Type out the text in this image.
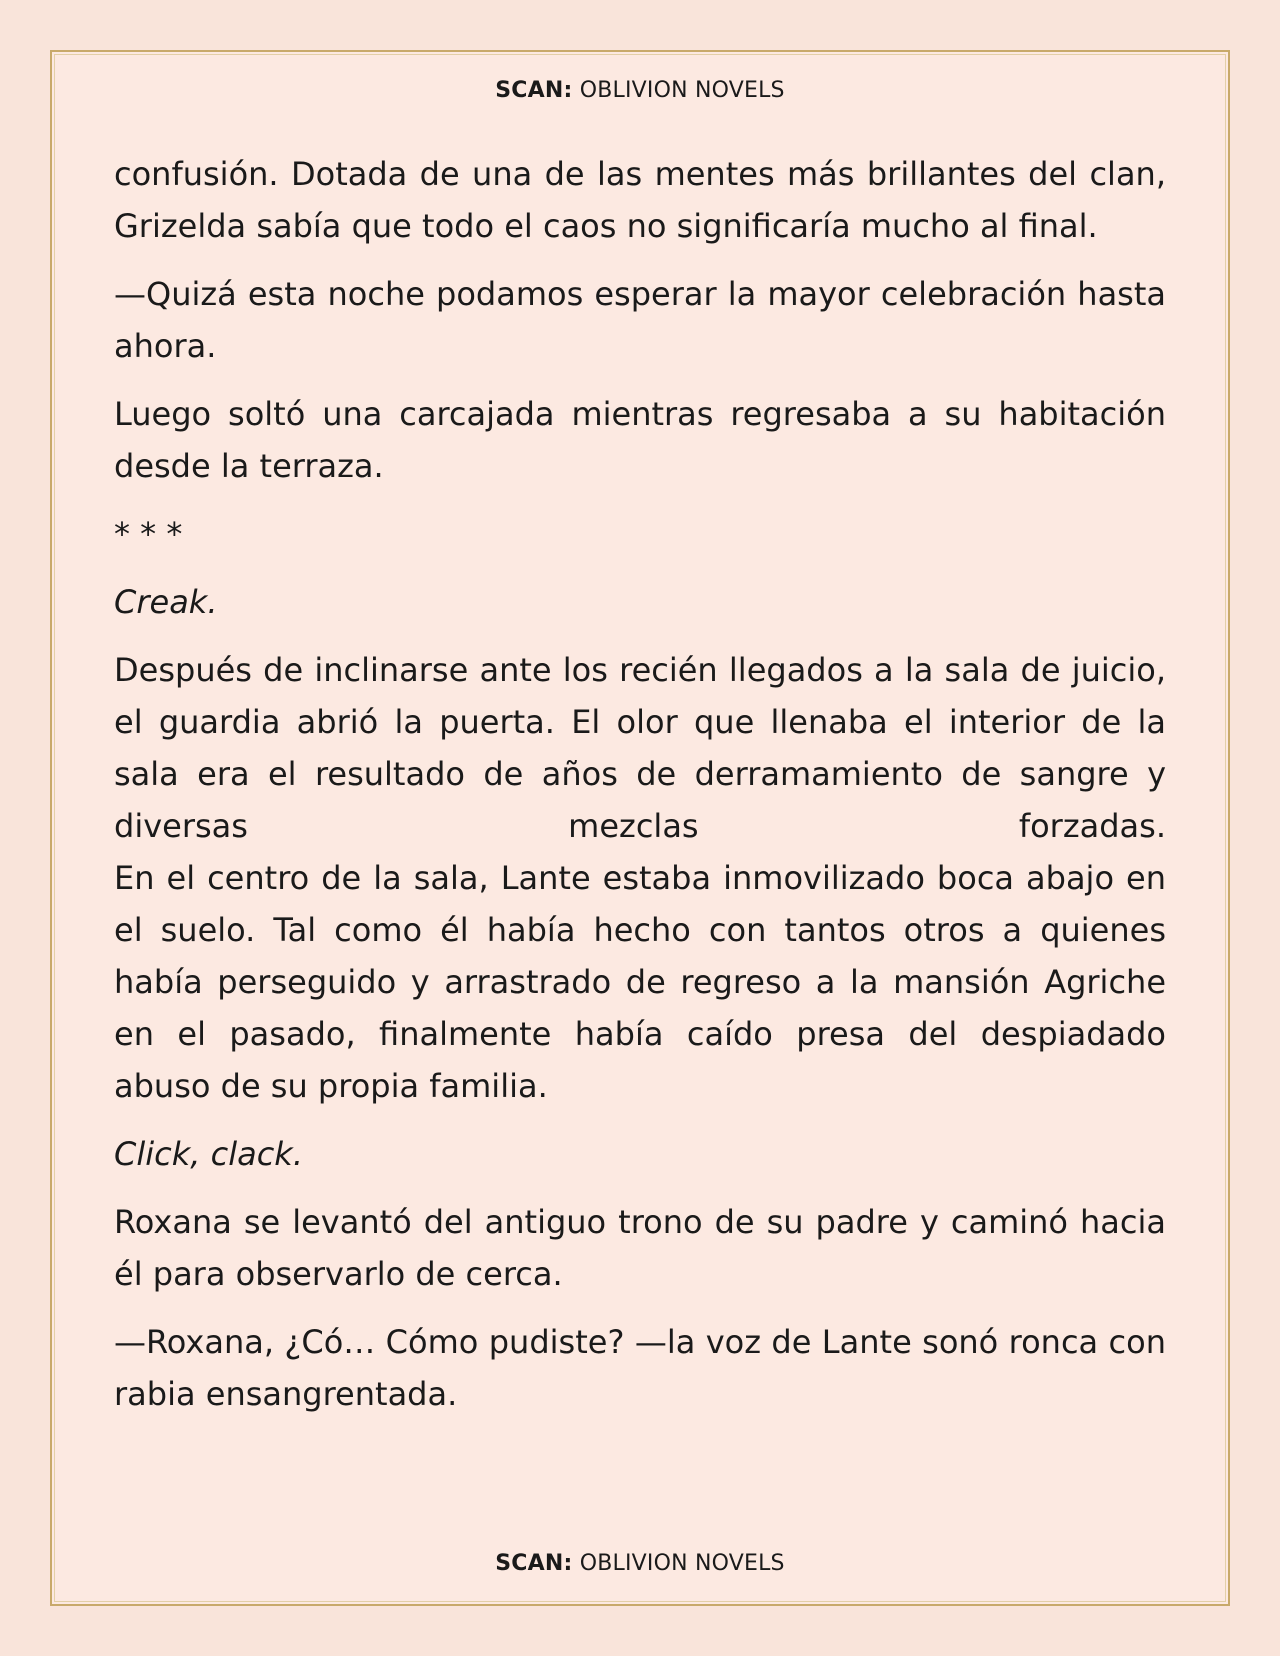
SCAN: OBLIVION NOVELS

confusión. Dotada de una de las mentes más brillantes del clan, Grizelda sabía que todo el caos no significaría mucho al final.

—Quizá esta noche podamos esperar la mayor celebración hasta ahora.

Luego soltó una carcajada mientras regresaba a su habitación desde la terraza.

* * *

Creak.

Después de inclinarse ante los recién llegados a la sala de juicio, el guardia abrió la puerta. El olor que llenaba el interior de la sala era el resultado de años de derramamiento de sangre y diversas mezclas forzadas.
En el centro de la sala, Lante estaba inmovilizado boca abajo en el suelo. Tal como él había hecho con tantos otros a quienes había perseguido y arrastrado de regreso a la mansión Agriche en el pasado, finalmente había caído presa del despiadado abuso de su propia familia.

Click, clack.

Roxana se levantó del antiguo trono de su padre y caminó hacia él para observarlo de cerca.

—Roxana, ¿Có… Cómo pudiste? —la voz de Lante sonó ronca con rabia ensangrentada.

SCAN: OBLIVION NOVELS
